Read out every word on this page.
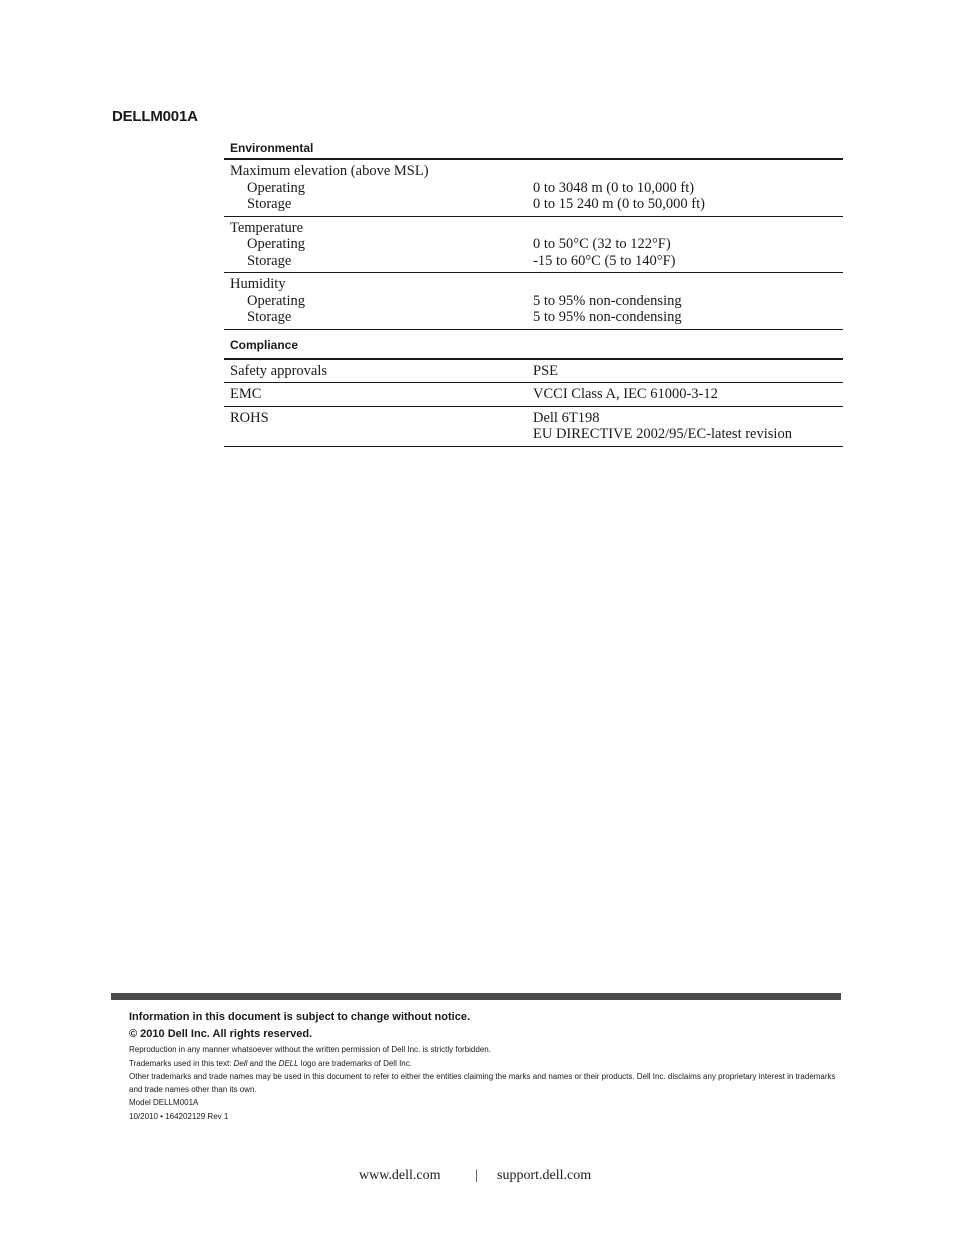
DELLM001A
Environmental
Maximum elevation (above MSL)
Operating	0 to 3048 m (0 to 10,000 ft)
Storage	0 to 15 240 m (0 to 50,000 ft)
Temperature
Operating	0 to 50°C (32 to 122°F)
Storage	-15 to 60°C (5 to 140°F)
Humidity
Operating	5 to 95% non-condensing
Storage	5 to 95% non-condensing
Compliance
Safety approvals	PSE
EMC	VCCI Class A, IEC 61000-3-12
ROHS	Dell 6T198
EU DIRECTIVE 2002/95/EC-latest revision
Information in this document is subject to change without notice.
© 2010 Dell Inc. All rights reserved.
Reproduction in any manner whatsoever without the written permission of Dell Inc. is strictly forbidden.
Trademarks used in this text: Dell and the DELL logo are trademarks of Dell Inc.
Other trademarks and trade names may be used in this document to refer to either the entities claiming the marks and names or their products. Dell Inc. disclaims any proprietary interest in trademarks and trade names other than its own.
Model DELLM001A
10/2010 • 164202129 Rev 1
www.dell.com | support.dell.com
